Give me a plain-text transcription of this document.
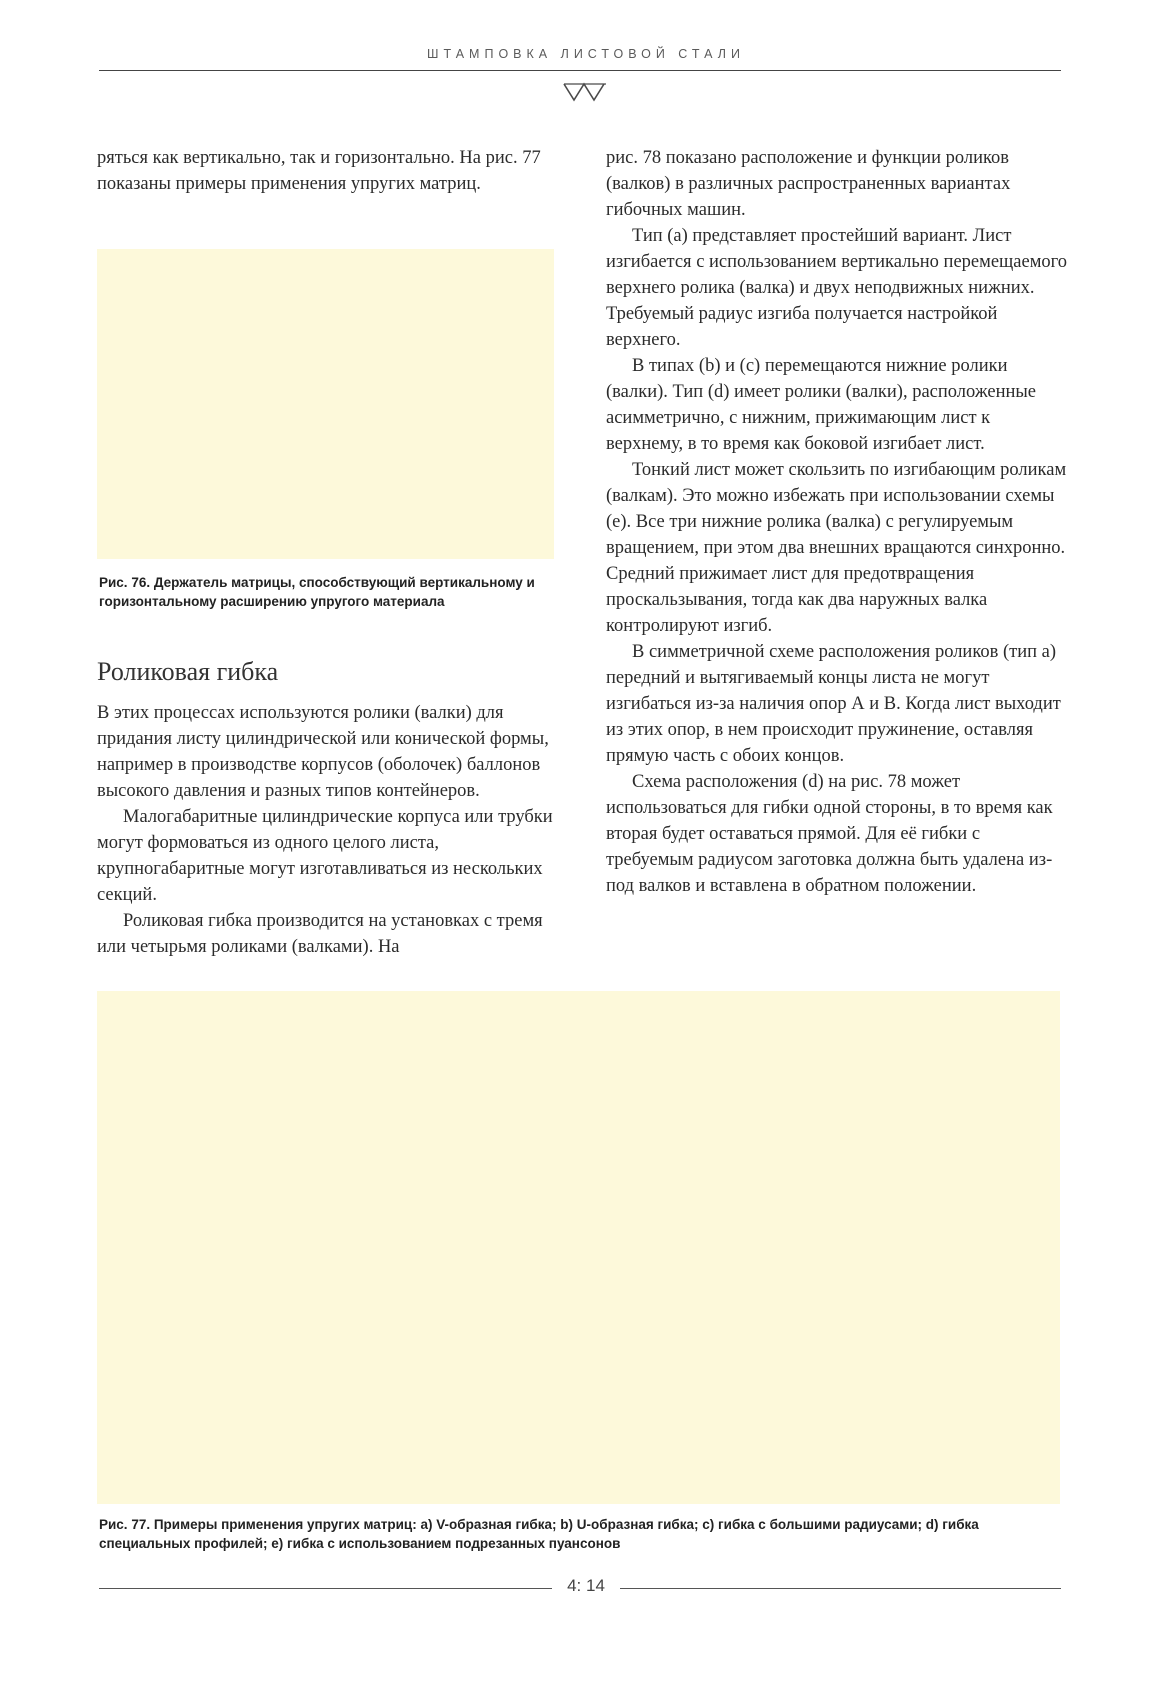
ШТАМПОВКА ЛИСТОВОЙ СТАЛИ

ряться как вертикально, так и горизонтально. На рис. 77 показаны примеры применения упругих матриц.

Рис. 76. Держатель матрицы, способствующий вертикальному и горизонтальному расширению упругого материала
Роликовая гибка

В этих процессах используются ролики (валки) для придания листу цилиндрической или конической формы, например в производстве корпусов (оболочек) баллонов высокого давления и разных типов контейнеров.

Малогабаритные цилиндрические корпуса или трубки могут формоваться из одного целого листа, крупногабаритные могут изготавливаться из нескольких секций.

Роликовая гибка производится на установках с тремя или четырьмя роликами (валками). На

рис. 78 показано расположение и функции роликов (валков) в различных распространенных вариантах гибочных машин.

Тип (а) представляет простейший вариант. Лист изгибается с использованием вертикально перемещаемого верхнего ролика (валка) и двух неподвижных нижних. Требуемый радиус изгиба получается настройкой верхнего.

В типах (b) и (c) перемещаются нижние ролики (валки). Тип (d) имеет ролики (валки), расположенные асимметрично, с нижним, прижимающим лист к верхнему, в то время как боковой изгибает лист.

Тонкий лист может скользить по изгибающим роликам (валкам). Это можно избежать при использовании схемы (е). Все три нижние ролика (валка) с регулируемым вращением, при этом два внешних вращаются синхронно. Средний прижимает лист для предотвращения проскальзывания, тогда как два наружных валка контролируют изгиб.

В симметричной схеме расположения роликов (тип а) передний и вытягиваемый концы листа не могут изгибаться из-за наличия опор А и В. Когда лист выходит из этих опор, в нем происходит пружинение, оставляя прямую часть с обоих концов.

Схема расположения (d) на рис. 78 может использоваться для гибки одной стороны, в то время как вторая будет оставаться прямой. Для её гибки с требуемым радиусом заготовка должна быть удалена из-под валков и вставлена в обратном положении.

Рис. 77. Примеры применения упругих матриц: a) V-образная гибка; b) U-образная гибка; c) гибка с большими радиусами; d) гибка специальных профилей; e) гибка с использованием подрезанных пуансонов
4: 14
